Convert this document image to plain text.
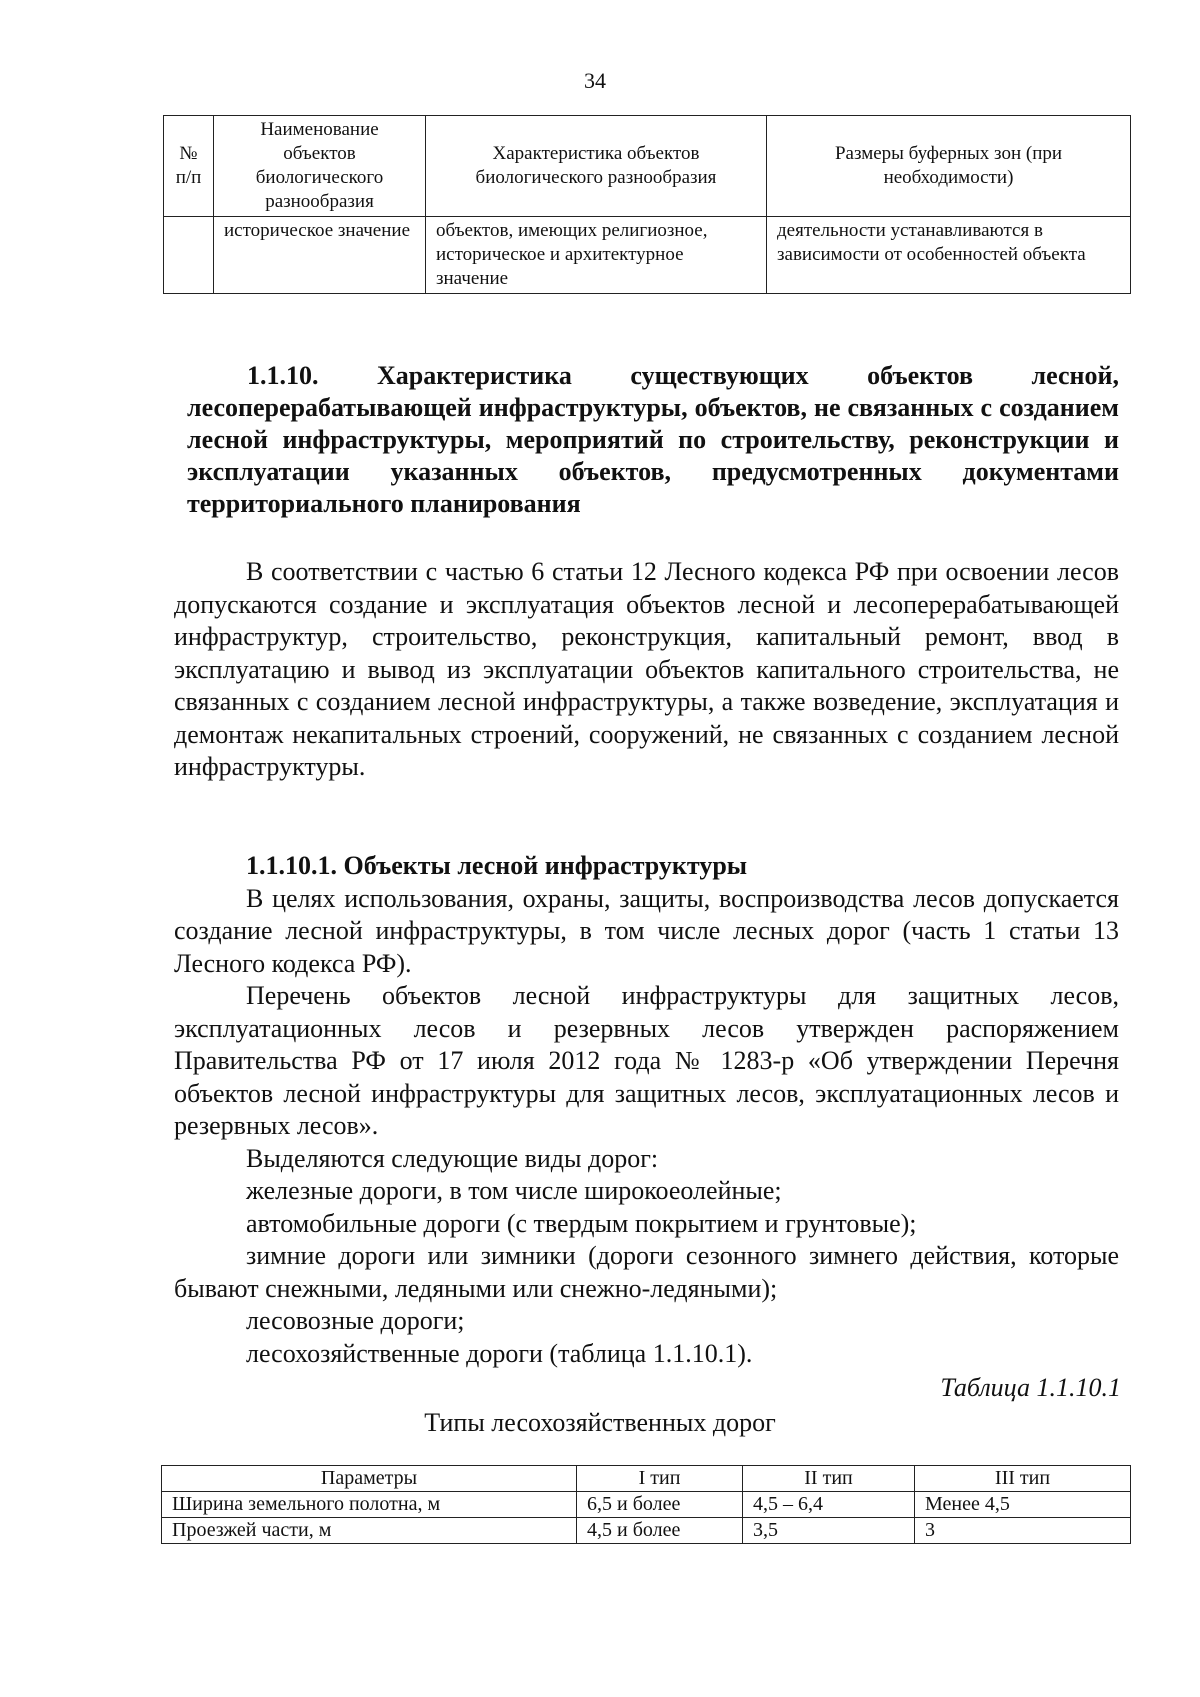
34
№ п/п	Наименование объектов биологического разнообразия	Характеристика объектов биологического разнообразия	Размеры буферных зон (при необходимости)
	историческое значение	объектов, имеющих религиозное, историческое и архитектурное значение	деятельности устанавливаются в зависимости от особенностей объекта
1.1.10. Характеристика существующих объектов лесной, лесоперерабатывающей инфраструктуры, объектов, не связанных с созданием лесной инфраструктуры, мероприятий по строительству, реконструкции и эксплуатации указанных объектов, предусмотренных документами территориального планирования

В соответствии с частью 6 статьи 12 Лесного кодекса РФ при освоении лесов допускаются создание и эксплуатация объектов лесной и лесоперерабатывающей инфраструктур, строительство, реконструкция, капитальный ремонт, ввод в эксплуатацию и вывод из эксплуатации объектов капитального строительства, не связанных с созданием лесной инфраструктуры, а также возведение, эксплуатация и демонтаж некапитальных строений, сооружений, не связанных с созданием лесной инфраструктуры.

1.1.10.1. Объекты лесной инфраструктуры

В целях использования, охраны, защиты, воспроизводства лесов допускается создание лесной инфраструктуры, в том числе лесных дорог (часть 1 статьи 13 Лесного кодекса РФ).

Перечень объектов лесной инфраструктуры для защитных лесов, эксплуатационных лесов и резервных лесов утвержден распоряжением Правительства РФ от 17 июля 2012 года № 1283-р «Об утверждении Перечня объектов лесной инфраструктуры для защитных лесов, эксплуатационных лесов и резервных лесов».

Выделяются следующие виды дорог:

железные дороги, в том числе широкоеолейные;

автомобильные дороги (с твердым покрытием и грунтовые);

зимние дороги или зимники (дороги сезонного зимнего действия, которые бывают снежными, ледяными или снежно-ледяными);

лесовозные дороги;

лесохозяйственные дороги (таблица 1.1.10.1).

Таблица 1.1.10.1
Типы лесохозяйственных дорог
Параметры	I тип	II тип	III тип
Ширина земельного полотна, м	6,5 и более	4,5 – 6,4	Менее 4,5
Проезжей части, м	4,5 и более	3,5	3
